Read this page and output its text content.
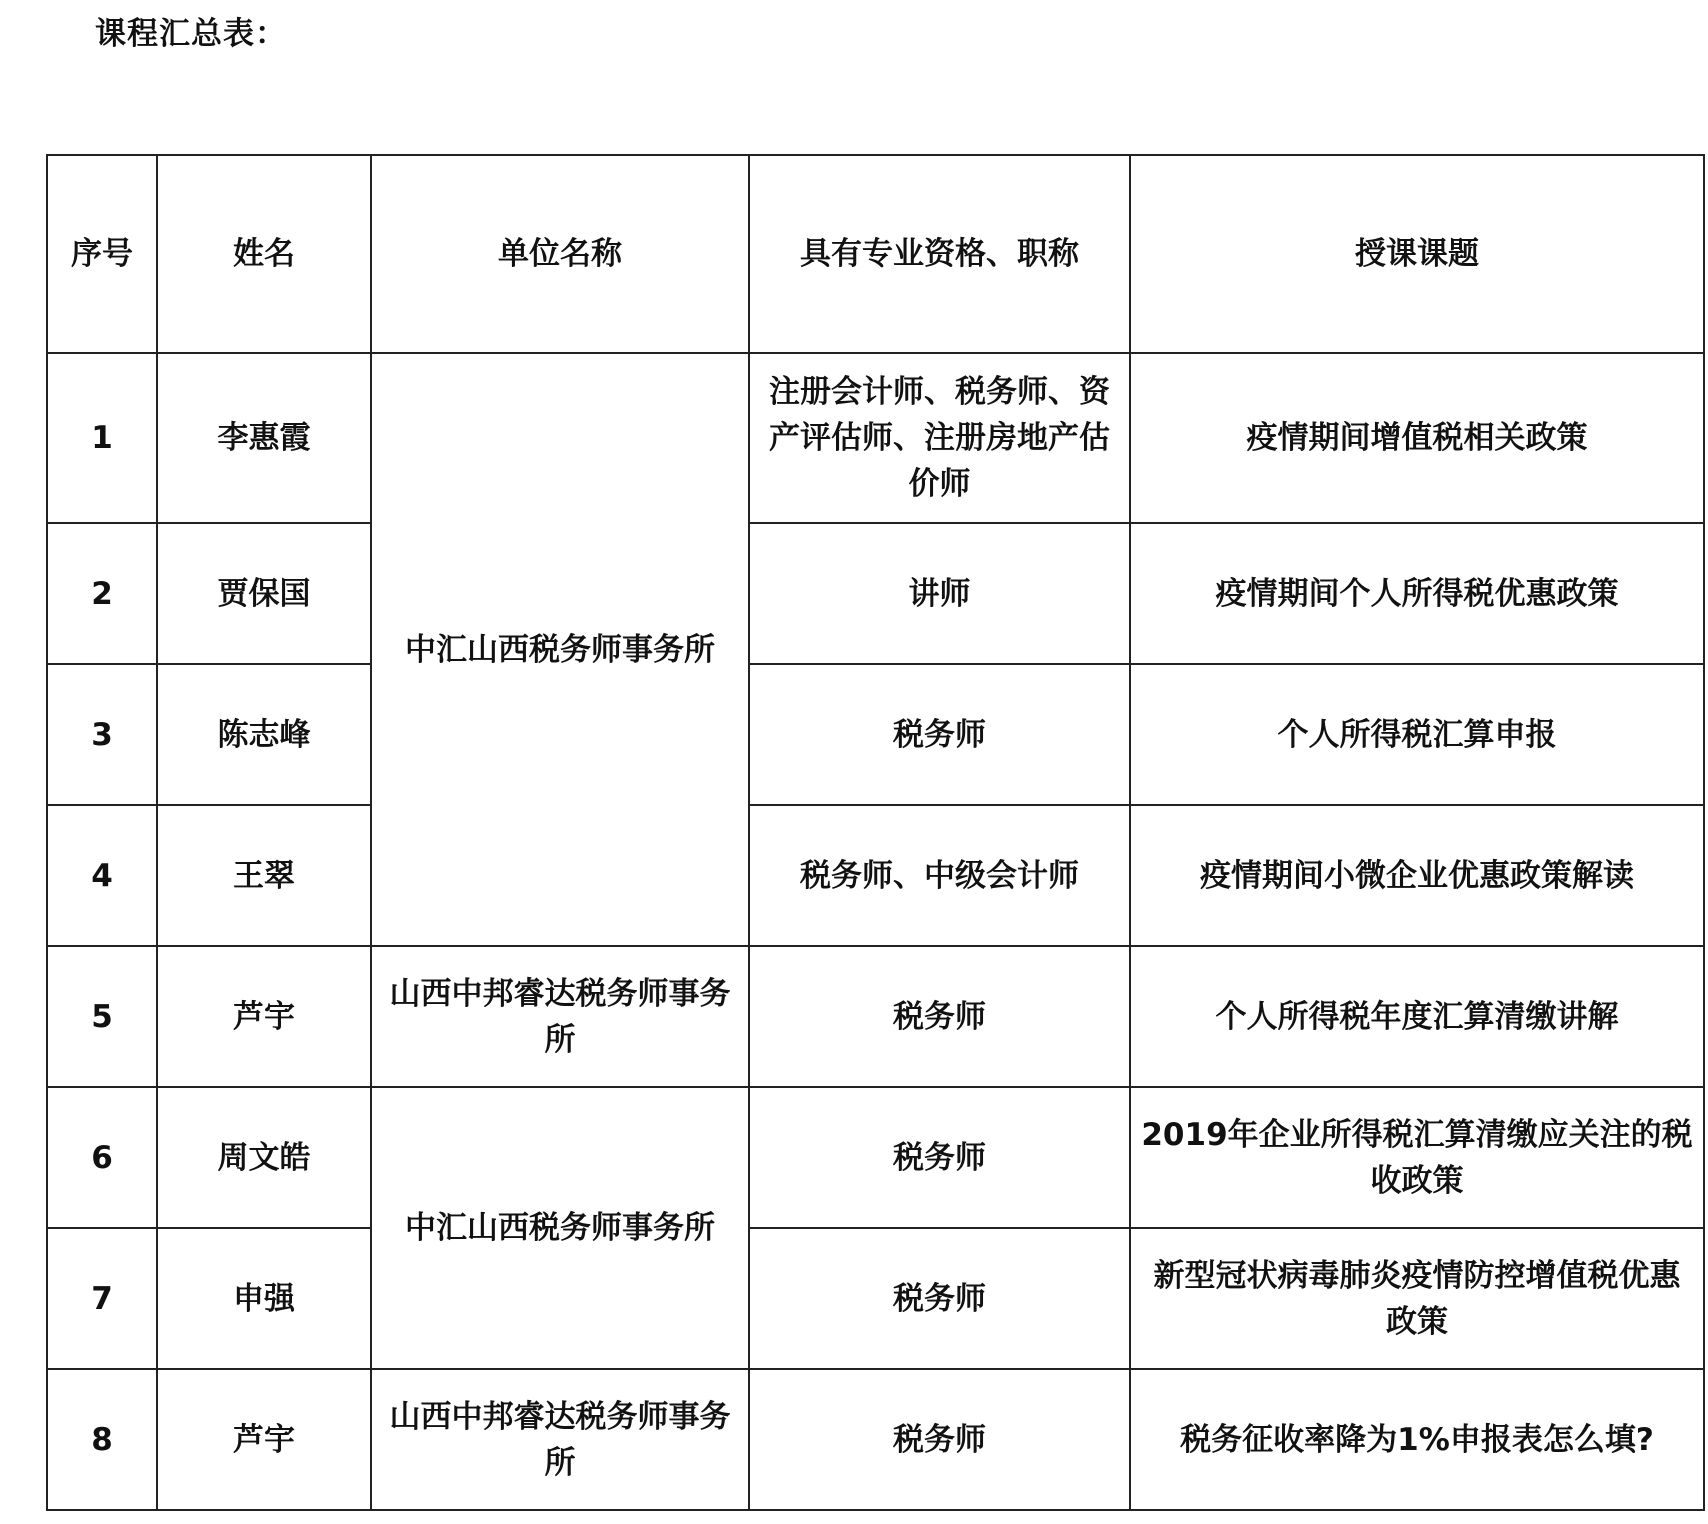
课程汇总表：
序号	姓名	单位名称	具有专业资格、职称	授课课题
1	李惠霞	中汇山西税务师事务所	注册会计师、税务师、资产评估师、注册房地产估价师	疫情期间增值税相关政策
2	贾保国		讲师	疫情期间个人所得税优惠政策
3	陈志峰		税务师	个人所得税汇算申报
4	王翠		税务师、中级会计师	疫情期间小微企业优惠政策解读
5	芦宇	山西中邦睿达税务师事务所	税务师	个人所得税年度汇算清缴讲解
6	周文皓	中汇山西税务师事务所	税务师	2019年企业所得税汇算清缴应关注的税收政策
7	申强		税务师	新型冠状病毒肺炎疫情防控增值税优惠政策
8	芦宇	山西中邦睿达税务师事务所	税务师	税务征收率降为1%申报表怎么填?
